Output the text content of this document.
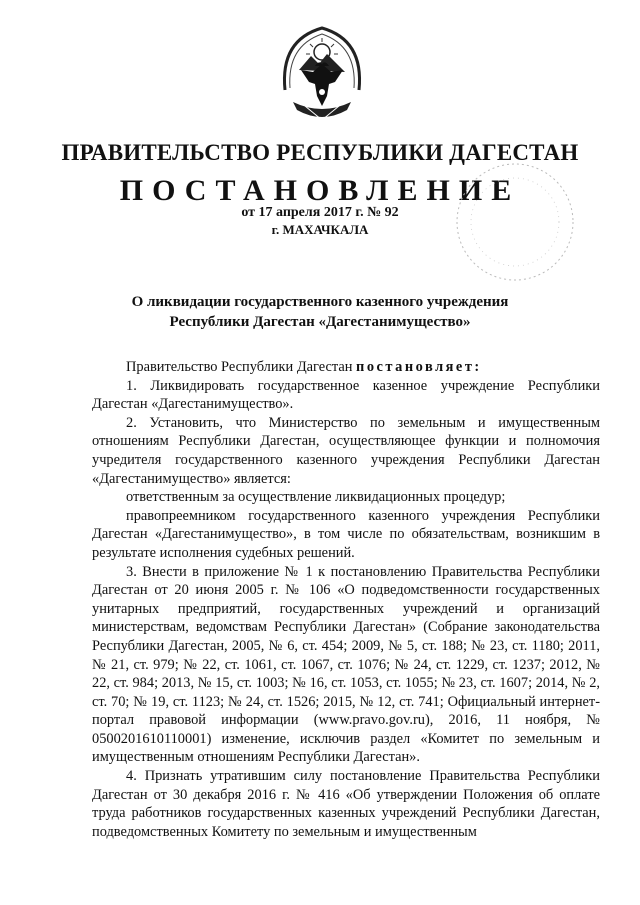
ПРАВИТЕЛЬСТВО РЕСПУБЛИКИ ДАГЕСТАН
ПОСТАНОВЛЕНИЕ
от 17 апреля 2017 г. № 92
г. МАХАЧКАЛА
О ликвидации государственного казенного учреждения
Республики Дагестан «Дагестанимущество»

Правительство Республики Дагестан постановляет:

1. Ликвидировать государственное казенное учреждение Республики Дагестан «Дагестанимущество».

2. Установить, что Министерство по земельным и имущественным отношениям Республики Дагестан, осуществляющее функции и полномочия учредителя государственного казенного учреждения Республики Дагестан «Дагестанимущество» является:

ответственным за осуществление ликвидационных процедур;

правопреемником государственного казенного учреждения Республики Дагестан «Дагестанимущество», в том числе по обязательствам, возникшим в результате исполнения судебных решений.

3. Внести в приложение № 1 к постановлению Правительства Республики Дагестан от 20 июня 2005 г. № 106 «О подведомственности государственных унитарных предприятий, государственных учреждений и организаций министерствам, ведомствам Республики Дагестан» (Собрание законодательства Республики Дагестан, 2005, № 6, ст. 454; 2009, № 5, ст. 188; № 23, ст. 1180; 2011, № 21, ст. 979; № 22, ст. 1061, ст. 1067, ст. 1076; № 24, ст. 1229, ст. 1237; 2012, № 22, ст. 984; 2013, № 15, ст. 1003; № 16, ст. 1053, ст. 1055; № 23, ст. 1607; 2014, № 2, ст. 70; № 19, ст. 1123; № 24, ст. 1526; 2015, № 12, ст. 741; Официальный интернет-портал правовой информации (www.pravo.gov.ru), 2016, 11 ноября, № 0500201610110001) изменение, исключив раздел «Комитет по земельным и имущественным отношениям Республики Дагестан».

4. Признать утратившим силу постановление Правительства Республики Дагестан от 30 декабря 2016 г. № 416 «Об утверждении Положения об оплате труда работников государственных казенных учреждений Республики Дагестан, подведомственных Комитету по земельным и имущественным
